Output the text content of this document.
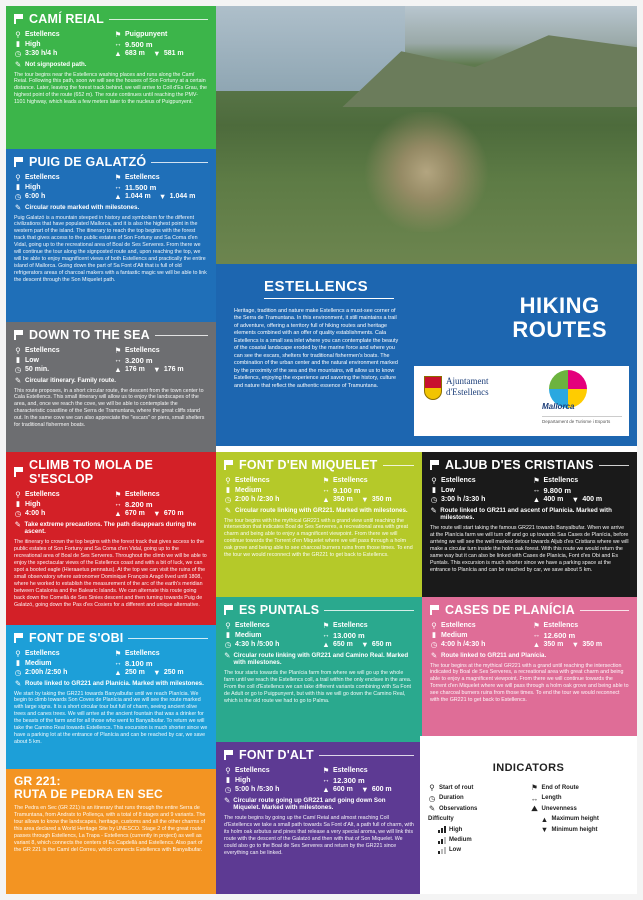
CAMÍ REIAL
⚲ Estellencs	⚑ Puigpunyent
▮ High	↔ 9.500 m
◷ 3:30 h/4 h	▲ 683 m
▼ 581 m
✎ Not signposted path.
The tour begins near the Estellencs washing places and runs along the Camí Reial. Following this path, soon we will see the houses of Son Fortuny at a certain distance. Later, leaving the forest track behind, we will arrive to Coll d'Es Grau, the highest point of the route (652 m). The route continues until reaching the PMV-1101 highway, which leads a few meters later to the nucleus of Puigpunyent.
PUIG DE GALATZÓ
⚲ Estellencs	⚑ Estellencs
▮ High	↔ 11.500 m
◷ 6:00 h	▲ 1.044 m
▼ 1.044 m
✎ Circular route marked with milestones.
Puig Galatzó is a mountain steeped in history and symbolism for the different civilizations that have populated Mallorca, and it is also the highest point in the western part of the island. The itinerary to reach the top begins with the forest track that gives access to the public estates of Son Fortuny and Sa Coma d'en Vidal, going up to the recreational area of Boal de Ses Serveres. From there we will continue the tour along the signposted route and, upon reaching the top, we will be able to enjoy magnificent views of both Estellencs and practically the entire island of Mallorca. Going down the part of Sa Font d'Alt that is full of old refrigerators areas of charcoal makers with a fantastic magic we will be able to link the descent through the Son Miquelet path.
DOWN TO THE SEA
⚲ Estellencs	⚑ Estellencs
▮ Low	↔ 3.200 m
◷ 50 min.	▲ 176 m
▼ 176 m
✎ Circular itinerary. Family route.
This route proposes, in a short circular route, the descent from the town center to Cala Estellencs. This small itinerary will allow us to enjoy the landscapes of the area, and, once we reach the cove, we will be able to contemplate the characteristic coastline of the Serra de Tramuntana, where the great cliffs stand out. In the same cove we can also appreciate the "escars" or piers, small shelters for traditional fishermen boats.
ESTELLENCS
Heritage, tradition and nature make Estellencs a must-see corner of the Serra de Tramuntana. In this environment, it still maintains a trail of adventure, offering a territory full of hiking routes and heritage elements combined with an offer of quality establishments. Cala Estellencs is a small sea inlet where you can contemplate the beauty of the coastal landscape eroded by the marine force and where you can see the escars, shelters for traditional fishermen's boats. The combination of the urban center and the natural environment marked by the proximity of the sea and the mountains, will allow us to know Estellencs, enjoying the experience and savoring the history, culture and nature that reflect the authentic essence of Tramuntana.
HIKING
ROUTES
Ajuntament
d'Estellencs
Mallorca
Departament de Turisme i Esports
CLIMB TO MOLA DE S'ESCLOP
⚲ Estellencs	⚑ Estellencs
▮ High	↔ 8.200 m
◷ 4:00 h	▲ 670 m
▼ 670 m
✎ Take extreme precautions. The path disappears during the ascent.
The itinerary to crown the top begins with the forest track that gives access to the public estates of Son Fortuny and Sa Coma d'en Vidal, going up to the recreational area of Boal de Ses Serveres. Throughout the climb we will be able to enjoy the spectacular views of the Estellencs coast and with a bit of luck, we can spot a booted eagle (Hieraaetus pennatus). At the top we can visit the ruins of the small observatory where astronomer Dominique François Aragó lived until 1808, where he worked to establish the measurement of the arc of the earth's meridian between Catalonia and the Balearic Islands. We can alternate this route going back down the Comellà de Ses Sinies descent and then turning towards Puig de Galatzó, going down the Pas d'es Cosiers for a different and unique alternative.
FONT DE S'OBI
⚲ Estellencs	⚑ Estellencs
▮ Medium	↔ 8.100 m
◷ 2:00h /2:50 h	▲ 250 m
▼ 250 m
✎ Route linked to GR221 and Planícia. Marked with milestones.
We start by taking the GR221 towards Banyalbufar until we reach Planícia. We begin to climb towards Son Coves de Planícia and we will see the route marked with large signs. It is a short circular tour but full of charm, seeing ancient olive trees and canes trees. We will arrive at the ancient fountain that was a drinker for the beasts of the farm and for all those who went to Banyalbufar. To return we will take the Camino Real towards Estellencs. This excursion is much shorter since we have a parking lot at the entrance of Planícia and can be reached by car, we save about 5 km.
GR 221:
RUTA DE PEDRA EN SEC
The Pedra en Sec (GR 221) is an itinerary that runs through the entire Serra de Tramuntana, from Andratx to Pollença, with a total of 8 stages and 9 variants. The tour allows to know the landscapes, heritage, customs and all the other charms of this area declared a World Heritage Site by UNESCO. Stage 2 of the great route passes through Estellencs, La Trapa - Estellencs (currently in project) as well as variant 8, which connects the centers of Es Capdellà and Estellencs. Also part of the GR 221 is the Camí del Correu, which connects Estellencs with Banyalbufar.
FONT D'EN MIQUELET
⚲ Estellencs	⚑ Estellencs
▮ Medium	↔ 9.100 m
◷ 2:00 h /2:30 h	▲ 350 m
▼ 350 m
✎ Circular route linking with GR221. Marked with milestones.
The tour begins with the mythical GR221 with a grand view until reaching the intersection that indicates Boal de Ses Serveres, a recreational area with great charm and being able to enjoy a magnificent viewpoint. From there we will continue towards the Torrent d'en Miquelet where we will pass through a holm oak grove and being able to see charcoal burners ruins from those times. To end the tour we would reconnect with the GR221 to get back to Estellencs.
ES PUNTALS
⚲ Estellencs	⚑ Estellencs
▮ Medium	↔ 13.000 m
◷ 4:30 h /5:00 h	▲ 650 m
▼ 650 m
✎ Circular route linking with GR221 and Camino Real. Marked with milestones.
The tour starts towards the Planícia farm from where we will go up the whole farm until we reach the Estellencs coll, a trail within the only enclave in the area. From the coll d'Estellencs we can take different variants combining with Sa Font de Adult or go to Puigpunyent, but with this we will go down the Camino Real, which is the old route we had to go to Palma.
FONT D'ALT
⚲ Estellencs	⚑ Estellencs
▮ High	↔ 12.300 m
◷ 5:00 h /5:30 h	▲ 600 m
▼ 600 m
✎ Circular route going up GR221 and going down Son Miquelet. Marked with milestones.
The route begins by going up the Camí Reial and almost reaching Coll d'Estellencs we take a small path towards Sa Font d'Alt, a path full of charm, with its holm oak arbutus and pines that release a very special aroma, we will link this route with the descent of the Galatzó and then with that of Son Miquelet. We could also go to the Boal de Ses Serveres and return by the GR221 since everything can be linked.
ALJUB D'ES CRISTIANS
⚲ Estellencs	⚑ Estellencs
▮ Low	↔ 9.800 m
◷ 3:00 h /3:30 h	▲ 400 m
▼ 400 m
✎ Route linked to GR211 and ascent of Planícia. Marked with milestones.
The route will start taking the famous GR221 towards Banyalbufar. When we arrive at the Planícia farm we will turn off and go up towards Sas Cases de Planícia, before arriving we will see the well marked detour towards Aljub d'es Cristians where we will make a circular turn inside the holm oak forest. With this route we would return the same way but it can also be linked with Cases de Planícia, Font d'es Obi and Es Puntals. This excursion is much shorter since we have a parking space at the entrance to Planícia and can be reached by car, we save about 5 km.
CASES DE PLANÍCIA
⚲ Estellencs	⚑ Estellencs
▮ Medium	↔ 12.600 m
◷ 4:00 h /4:30 h	▲ 350 m
▼ 350 m
✎ Route linked to GR211 and Planícia.
The tour begins at the mythical GR221 with a grand until reaching the intersection indicated by Boal de Ses Serveres, a recreational area with great charm and being able to enjoy a magnificent viewpoint. From there we will continue towards the Torrent d'en Miquelet where we will pass through a holm oak grove and being able to see charcoal burners ruins from those times. To end the tour we would reconnect with the GR221 to get back to Estellencs.
INDICATORS
⚲ Start of rout	⚑ End of Route
◷ Duration	↔ Length
✎ Observations	⛰ Unevenness
Difficulty	▲ Maximum height
High	▼ Minimum height
Medium
Low
